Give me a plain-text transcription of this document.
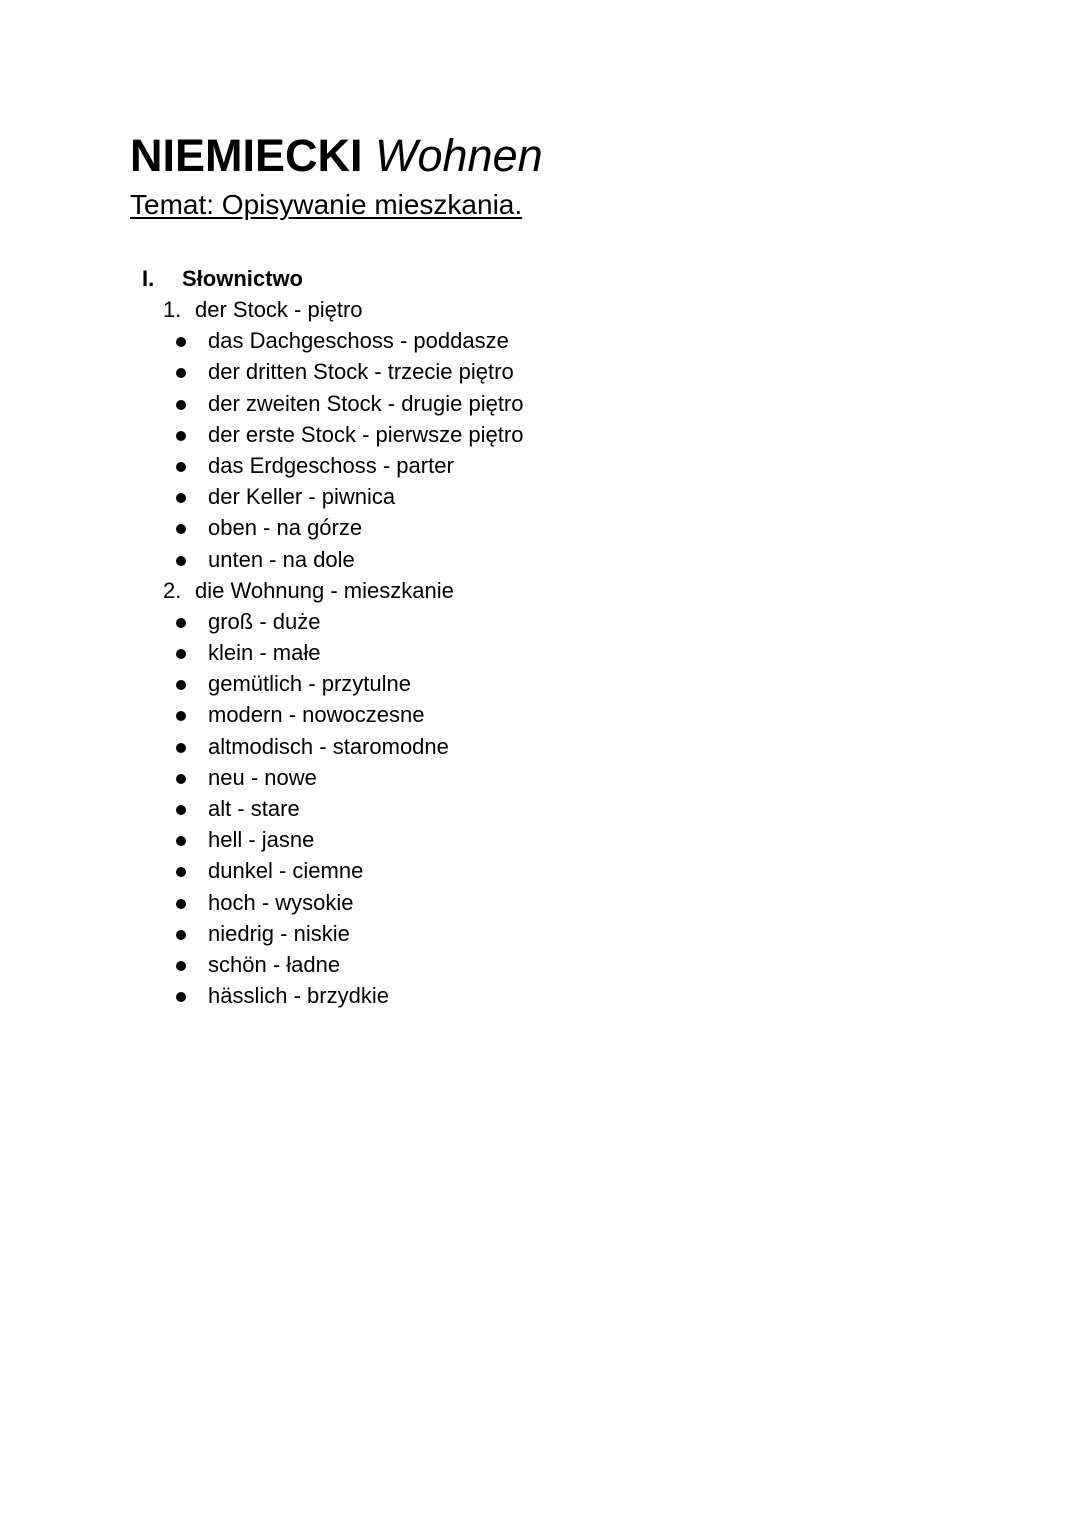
NIEMIECKI Wohnen

Temat: Opisywanie mieszkania.

I. Słownictwo
1. der Stock - piętro
das Dachgeschoss - poddasze
der dritten Stock - trzecie piętro
der zweiten Stock - drugie piętro
der erste Stock - pierwsze piętro
das Erdgeschoss - parter
der Keller - piwnica
oben - na górze
unten - na dole
2. die Wohnung - mieszkanie
groß - duże
klein - małe
gemütlich - przytulne
modern - nowoczesne
altmodisch - staromodne
neu - nowe
alt - stare
hell - jasne
dunkel - ciemne
hoch - wysokie
niedrig - niskie
schön - ładne
hässlich - brzydkie
